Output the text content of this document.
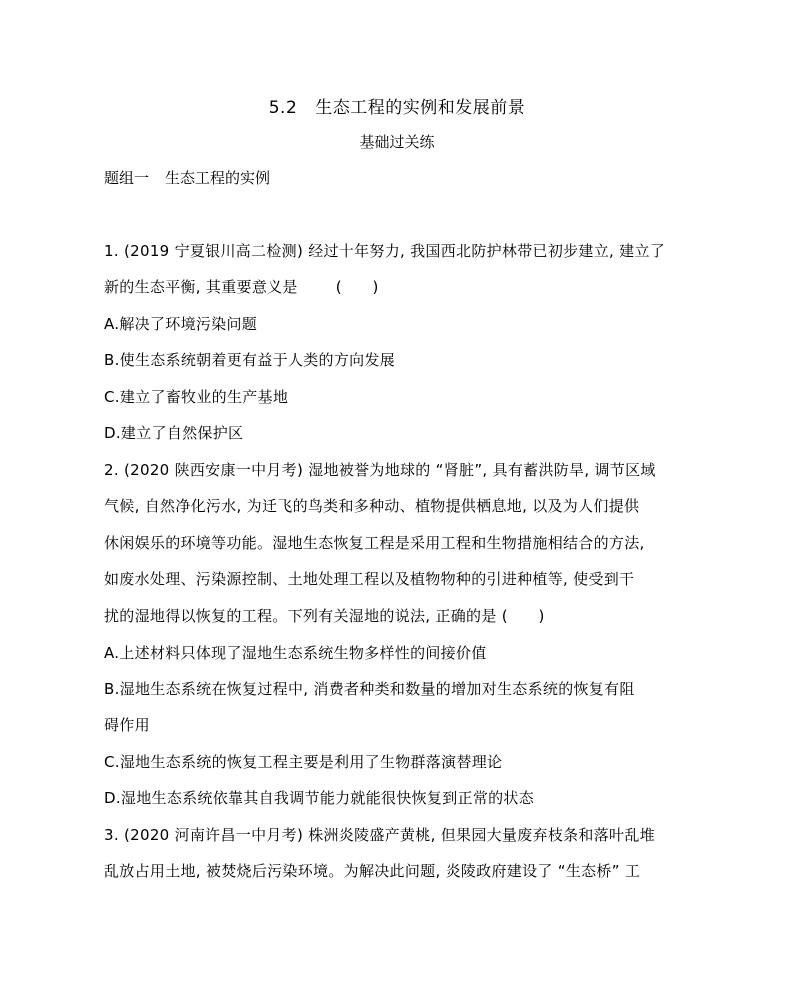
5.2 生态工程的实例和发展前景
基础过关练
题组一 生态工程的实例
1. (2019 宁夏银川高二检测) 经过十年努力, 我国西北防护林带已初步建立, 建立了
新的生态平衡, 其重要意义是	(　　)
A.解决了环境污染问题
B.使生态系统朝着更有益于人类的方向发展
C.建立了畜牧业的生产基地
D.建立了自然保护区
2. (2020 陕西安康一中月考) 湿地被誉为地球的 “肾脏”, 具有蓄洪防旱, 调节区域
气候, 自然净化污水, 为迁飞的鸟类和多种动、植物提供栖息地, 以及为人们提供
休闲娱乐的环境等功能。湿地生态恢复工程是采用工程和生物措施相结合的方法,
如废水处理、污染源控制、土地处理工程以及植物物种的引进种植等, 使受到干
扰的湿地得以恢复的工程。下列有关湿地的说法, 正确的是 (　　)
A.上述材料只体现了湿地生态系统生物多样性的间接价值
B.湿地生态系统在恢复过程中, 消费者种类和数量的增加对生态系统的恢复有阻
碍作用
C.湿地生态系统的恢复工程主要是利用了生物群落演替理论
D.湿地生态系统依靠其自我调节能力就能很快恢复到正常的状态
3. (2020 河南许昌一中月考) 株洲炎陵盛产黄桃, 但果园大量废弃枝条和落叶乱堆
乱放占用土地, 被焚烧后污染环境。为解决此问题, 炎陵政府建设了 “生态桥” 工
